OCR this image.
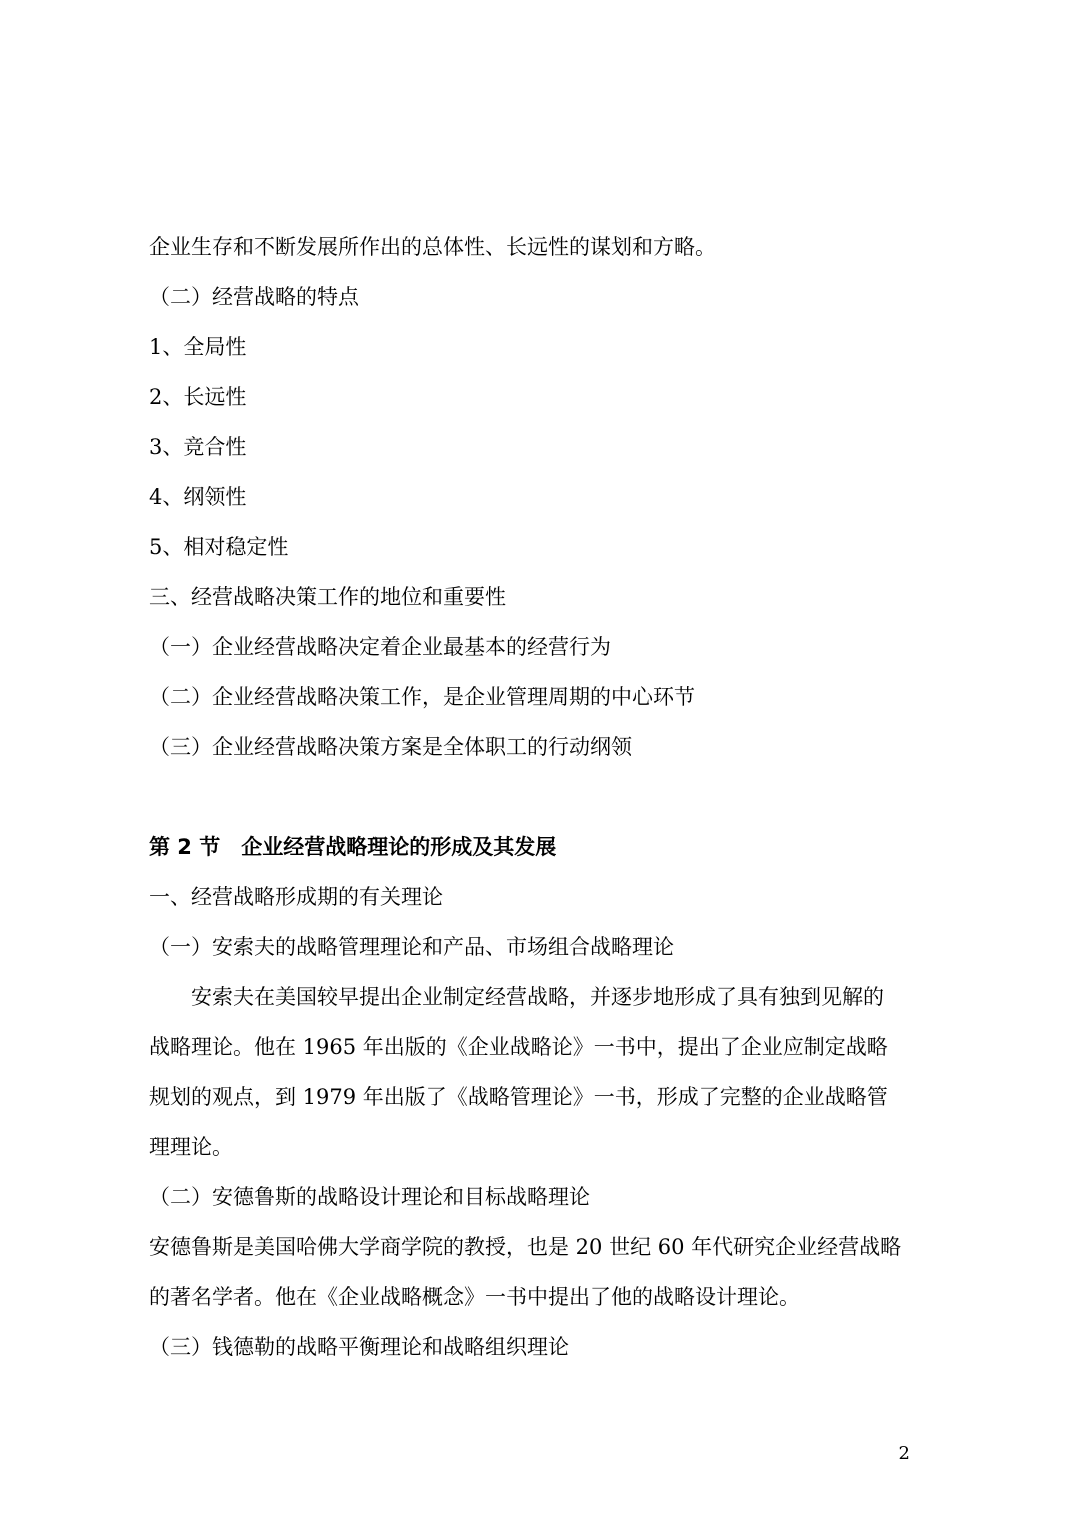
企业生存和不断发展所作出的总体性、长远性的谋划和方略。

（二）经营战略的特点

1、全局性

2、长远性

3、竞合性

4、纲领性

5、相对稳定性

三、经营战略决策工作的地位和重要性

（一）企业经营战略决定着企业最基本的经营行为

（二）企业经营战略决策工作，是企业管理周期的中心环节

（三）企业经营战略决策方案是全体职工的行动纲领

第 2 节　企业经营战略理论的形成及其发展

一、经营战略形成期的有关理论

（一）安索夫的战略管理理论和产品、市场组合战略理论

安索夫在美国较早提出企业制定经营战略，并逐步地形成了具有独到见解的

战略理论。他在 1965 年出版的《企业战略论》一书中，提出了企业应制定战略

规划的观点，到 1979 年出版了《战略管理论》一书，形成了完整的企业战略管

理理论。

（二）安德鲁斯的战略设计理论和目标战略理论

安德鲁斯是美国哈佛大学商学院的教授，也是 20 世纪 60 年代研究企业经营战略

的著名学者。他在《企业战略概念》一书中提出了他的战略设计理论。

（三）钱德勒的战略平衡理论和战略组织理论

2
